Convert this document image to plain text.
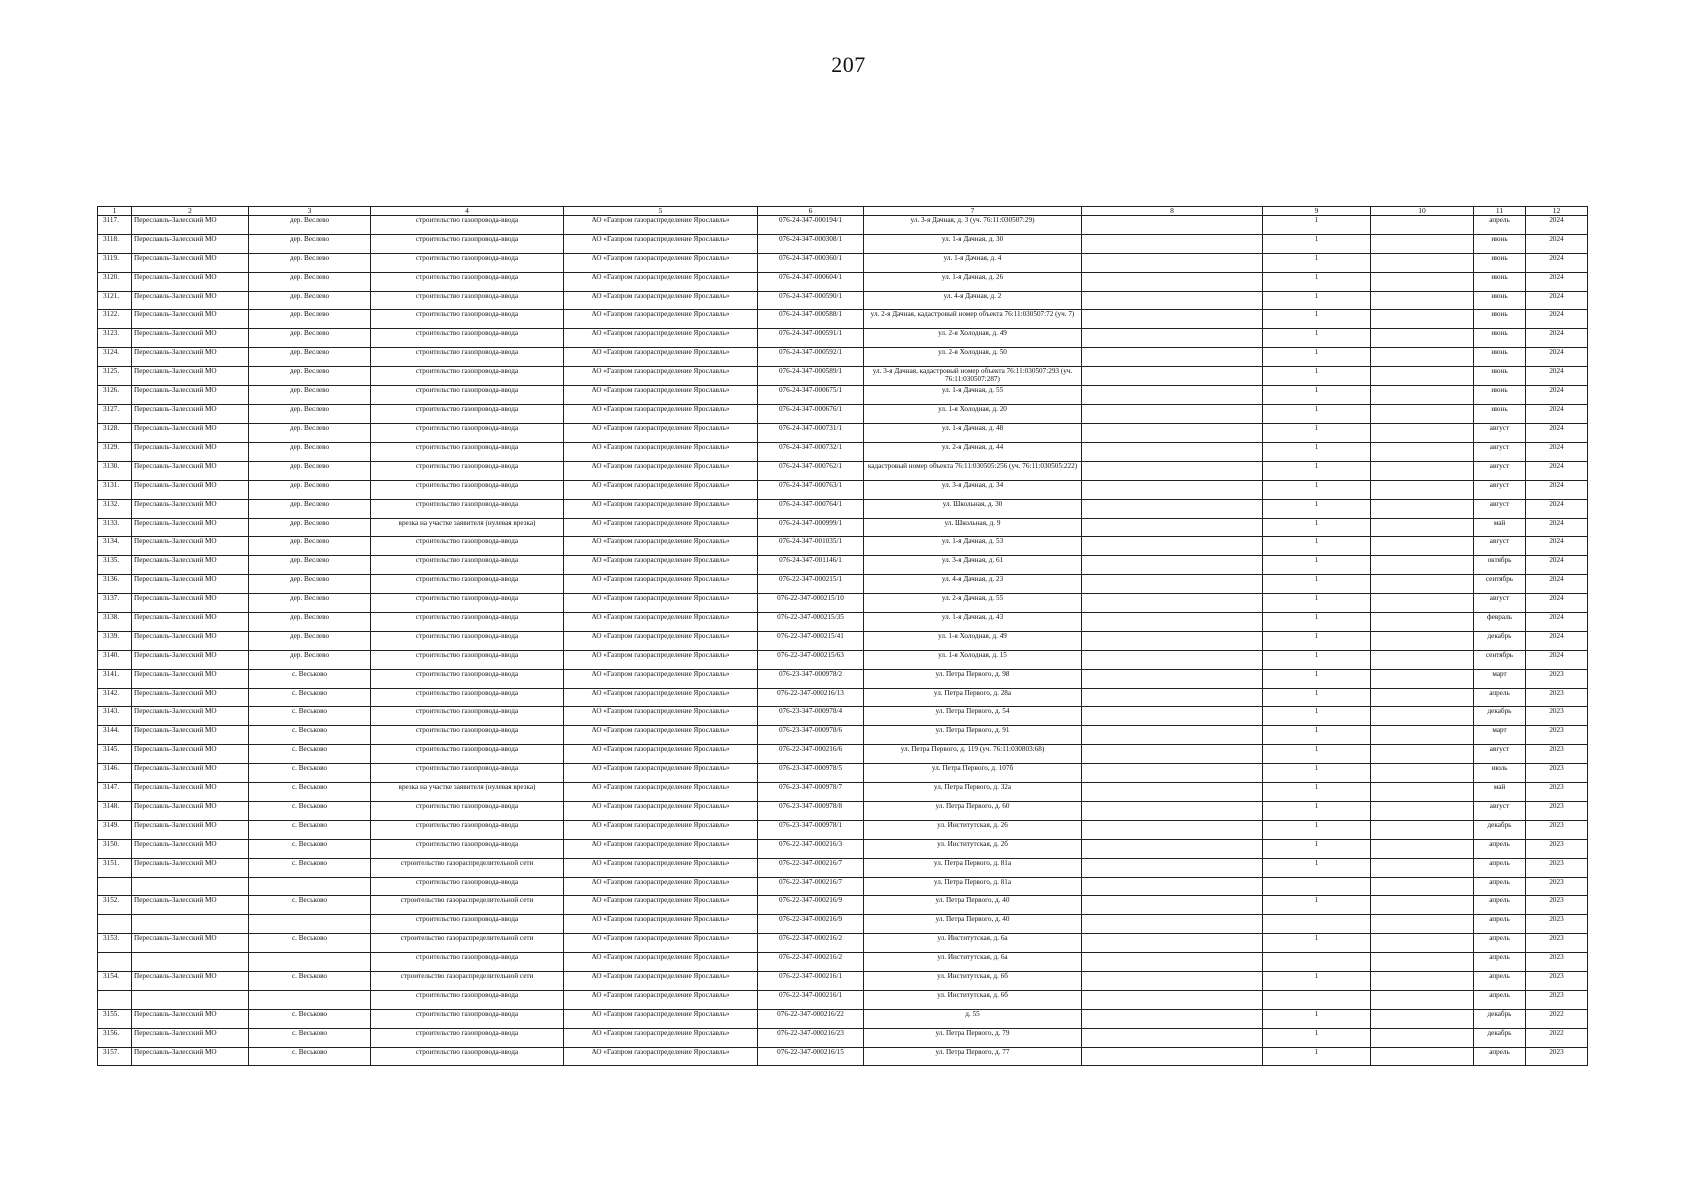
207
1	2	3	4	5	6	7	8	9	10	11	12
3117.	Переславль-Залесский МО	дер. Веслево	строительство газопровода-ввода	АО «Газпром газораспределение Ярославль»	076-24-347-000194/1	ул. 3-я Дачная, д. 3 (уч. 76:11:030507:29)		1		апрель	2024
3118.	Переславль-Залесский МО	дер. Веслево	строительство газопровода-ввода	АО «Газпром газораспределение Ярославль»	076-24-347-000308/1	ул. 1-я Дачная, д. 30		1		июнь	2024
3119.	Переславль-Залесский МО	дер. Веслево	строительство газопровода-ввода	АО «Газпром газораспределение Ярославль»	076-24-347-000360/1	ул. 1-я Дачная, д. 4		1		июнь	2024
3120.	Переславль-Залесский МО	дер. Веслево	строительство газопровода-ввода	АО «Газпром газораспределение Ярославль»	076-24-347-000604/1	ул. 1-я Дачная, д. 26		1		июнь	2024
3121.	Переславль-Залесский МО	дер. Веслево	строительство газопровода-ввода	АО «Газпром газораспределение Ярославль»	076-24-347-000590/1	ул. 4-я Дачная, д. 2		1		июнь	2024
3122.	Переславль-Залесский МО	дер. Веслево	строительство газопровода-ввода	АО «Газпром газораспределение Ярославль»	076-24-347-000588/1	ул. 2-я Дачная, кадастровый номер объекта 76:11:030507:72 (уч. 7)		1		июнь	2024
3123.	Переславль-Залесский МО	дер. Веслево	строительство газопровода-ввода	АО «Газпром газораспределение Ярославль»	076-24-347-000591/1	ул. 2-я Холодная, д. 49		1		июнь	2024
3124.	Переславль-Залесский МО	дер. Веслево	строительство газопровода-ввода	АО «Газпром газораспределение Ярославль»	076-24-347-000592/1	ул. 2-я Холодная, д. 50		1		июнь	2024
3125.	Переславль-Залесский МО	дер. Веслево	строительство газопровода-ввода	АО «Газпром газораспределение Ярославль»	076-24-347-000589/1	ул. 3-я Дачная, кадастровый номер объекта 76:11:030507:293 (уч. 76:11:030507:287)		1		июнь	2024
3126.	Переславль-Залесский МО	дер. Веслево	строительство газопровода-ввода	АО «Газпром газораспределение Ярославль»	076-24-347-000675/1	ул. 1-я Дачная, д. 55		1		июнь	2024
3127.	Переславль-Залесский МО	дер. Веслево	строительство газопровода-ввода	АО «Газпром газораспределение Ярославль»	076-24-347-000676/1	ул. 1-я Холодная, д. 20		1		июнь	2024
3128.	Переславль-Залесский МО	дер. Веслево	строительство газопровода-ввода	АО «Газпром газораспределение Ярославль»	076-24-347-000731/1	ул. 1-я Дачная, д. 48		1		август	2024
3129.	Переславль-Залесский МО	дер. Веслево	строительство газопровода-ввода	АО «Газпром газораспределение Ярославль»	076-24-347-000732/1	ул. 2-я Дачная, д. 44		1		август	2024
3130.	Переславль-Залесский МО	дер. Веслево	строительство газопровода-ввода	АО «Газпром газораспределение Ярославль»	076-24-347-000762/1	кадастровый номер объекта 76:11:030505:256 (уч. 76:11:030505:222)		1		август	2024
3131.	Переславль-Залесский МО	дер. Веслево	строительство газопровода-ввода	АО «Газпром газораспределение Ярославль»	076-24-347-000763/1	ул. 3-я Дачная, д. 34		1		август	2024
3132.	Переславль-Залесский МО	дер. Веслево	строительство газопровода-ввода	АО «Газпром газораспределение Ярославль»	076-24-347-000764/1	ул. Школьная, д. 30		1		август	2024
3133.	Переславль-Залесский МО	дер. Веслево	врезка на участке заявителя (нулевая врезка)	АО «Газпром газораспределение Ярославль»	076-24-347-000999/1	ул. Школьная, д. 9		1		май	2024
3134.	Переславль-Залесский МО	дер. Веслево	строительство газопровода-ввода	АО «Газпром газораспределение Ярославль»	076-24-347-001035/1	ул. 1-я Дачная, д. 53		1		август	2024
3135.	Переславль-Залесский МО	дер. Веслево	строительство газопровода-ввода	АО «Газпром газораспределение Ярославль»	076-24-347-001146/1	ул. 3-я Дачная, д. 61		1		октябрь	2024
3136.	Переславль-Залесский МО	дер. Веслево	строительство газопровода-ввода	АО «Газпром газораспределение Ярославль»	076-22-347-000215/1	ул. 4-я Дачная, д. 23		1		сентябрь	2024
3137.	Переславль-Залесский МО	дер. Веслево	строительство газопровода-ввода	АО «Газпром газораспределение Ярославль»	076-22-347-000215/10	ул. 2-я Дачная, д. 55		1		август	2024
3138.	Переславль-Залесский МО	дер. Веслево	строительство газопровода-ввода	АО «Газпром газораспределение Ярославль»	076-22-347-000215/35	ул. 1-я Дачная, д. 43		1		февраль	2024
3139.	Переславль-Залесский МО	дер. Веслево	строительство газопровода-ввода	АО «Газпром газораспределение Ярославль»	076-22-347-000215/41	ул. 1-я Холодная, д. 49		1		декабрь	2024
3140.	Переславль-Залесский МО	дер. Веслево	строительство газопровода-ввода	АО «Газпром газораспределение Ярославль»	076-22-347-000215/63	ул. 1-я Холодная, д. 15		1		сентябрь	2024
3141.	Переславль-Залесский МО	с. Веськово	строительство газопровода-ввода	АО «Газпром газораспределение Ярославль»	076-23-347-000978/2	ул. Петра Первого, д. 98		1		март	2023
3142.	Переславль-Залесский МО	с. Веськово	строительство газопровода-ввода	АО «Газпром газораспределение Ярославль»	076-22-347-000216/13	ул. Петра Первого, д. 28а		1		апрель	2023
3143.	Переславль-Залесский МО	с. Веськово	строительство газопровода-ввода	АО «Газпром газораспределение Ярославль»	076-23-347-000978/4	ул. Петра Первого, д. 54		1		декабрь	2023
3144.	Переславль-Залесский МО	с. Веськово	строительство газопровода-ввода	АО «Газпром газораспределение Ярославль»	076-23-347-000978/6	ул. Петра Первого, д. 91		1		март	2023
3145.	Переславль-Залесский МО	с. Веськово	строительство газопровода-ввода	АО «Газпром газораспределение Ярославль»	076-22-347-000216/6	ул. Петра Первого, д. 119 (уч. 76:11:030803:68)		1		август	2023
3146.	Переславль-Залесский МО	с. Веськово	строительство газопровода-ввода	АО «Газпром газораспределение Ярославль»	076-23-347-000978/5	ул. Петра Первого, д. 107б		1		июль	2023
3147.	Переславль-Залесский МО	с. Веськово	врезка на участке заявителя (нулевая врезка)	АО «Газпром газораспределение Ярославль»	076-23-347-000978/7	ул. Петра Первого, д. 32а		1		май	2023
3148.	Переславль-Залесский МО	с. Веськово	строительство газопровода-ввода	АО «Газпром газораспределение Ярославль»	076-23-347-000978/8	ул. Петра Первого, д. 60		1		август	2023
3149.	Переславль-Залесский МО	с. Веськово	строительство газопровода-ввода	АО «Газпром газораспределение Ярославль»	076-23-347-000978/1	ул. Институтская, д. 26		1		декабрь	2023
3150.	Переславль-Залесский МО	с. Веськово	строительство газопровода-ввода	АО «Газпром газораспределение Ярославль»	076-22-347-000216/3	ул. Институтская, д. 2б		1		апрель	2023
3151.	Переславль-Залесский МО	с. Веськово	строительство газораспределительной сети	АО «Газпром газораспределение Ярославль»	076-22-347-000216/7	ул. Петра Первого, д. 81а		1		апрель	2023
			строительство газопровода-ввода	АО «Газпром газораспределение Ярославль»	076-22-347-000216/7	ул. Петра Первого, д. 81а				апрель	2023
3152.	Переславль-Залесский МО	с. Веськово	строительство газораспределительной сети	АО «Газпром газораспределение Ярославль»	076-22-347-000216/9	ул. Петра Первого, д. 40		1		апрель	2023
			строительство газопровода-ввода	АО «Газпром газораспределение Ярославль»	076-22-347-000216/9	ул. Петра Первого, д. 40				апрель	2023
3153.	Переславль-Залесский МО	с. Веськово	строительство газораспределительной сети	АО «Газпром газораспределение Ярославль»	076-22-347-000216/2	ул. Институтская, д. 6а		1		апрель	2023
			строительство газопровода-ввода	АО «Газпром газораспределение Ярославль»	076-22-347-000216/2	ул. Институтская, д. 6а				апрель	2023
3154.	Переславль-Залесский МО	с. Веськово	строительство газораспределительной сети	АО «Газпром газораспределение Ярославль»	076-22-347-000216/1	ул. Институтская, д. 6б		1		апрель	2023
			строительство газопровода-ввода	АО «Газпром газораспределение Ярославль»	076-22-347-000216/1	ул. Институтская, д. 6б				апрель	2023
3155.	Переславль-Залесский МО	с. Веськово	строительство газопровода-ввода	АО «Газпром газораспределение Ярославль»	076-22-347-000216/22	д. 55		1		декабрь	2022
3156.	Переславль-Залесский МО	с. Веськово	строительство газопровода-ввода	АО «Газпром газораспределение Ярославль»	076-22-347-000216/23	ул. Петра Первого, д. 79		1		декабрь	2022
3157.	Переславль-Залесский МО	с. Веськово	строительство газопровода-ввода	АО «Газпром газораспределение Ярославль»	076-22-347-000216/15	ул. Петра Первого, д. 77		1		апрель	2023
